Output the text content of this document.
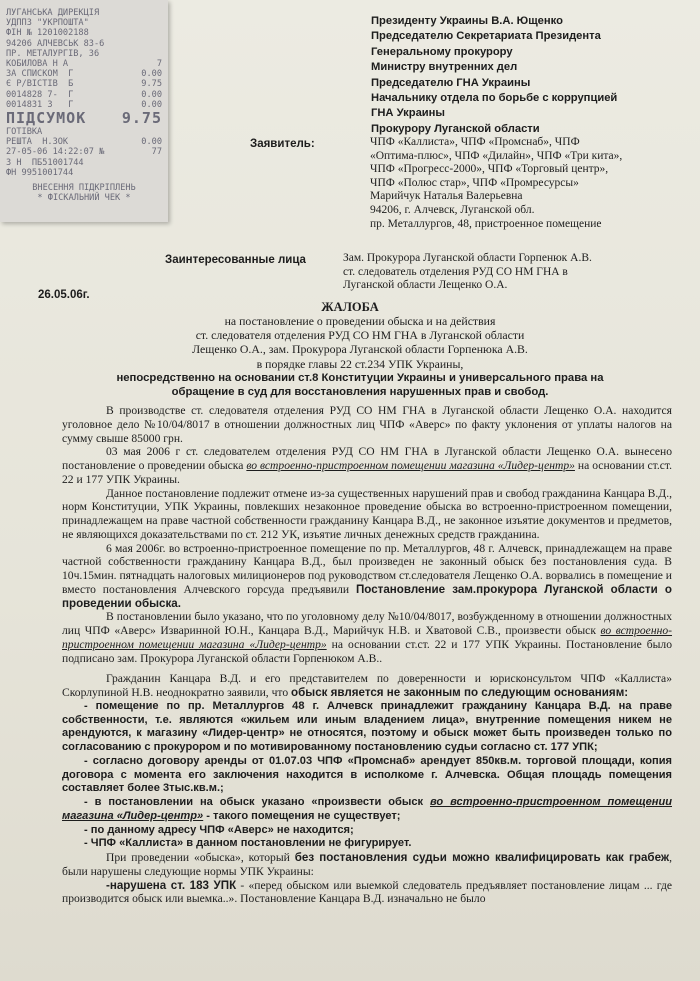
ЛУГАНСЬКА ДИРЕКЦІЯ
УДППЗ "УКРПОШТА"
ФІН № 1201002188
94206 АЛЧЕВСЬК 83-6
ПР. МЕТАЛУРГІВ, 36
КОБИЛОВА Н А	7
ЗА СПИСКОМ  Г	0.00
Є Р/ВІСТІВ  Б	9.75
0014828 7-  Г	0.00
0014831 3   Г	0.00
ПІДСУМОК 9.75
ГОТІВКА
РЕШТА  Н.ЗОК	0.00
27-05-06 14:22:07 №	77
3 Н  ПБ51001744
ФН 9951001744
ВНЕСЕННЯ ПІДКРІПЛЕНЬ
* ФІСКАЛЬНИЙ ЧЕК *
Президенту Украины В.А. Ющенко
Председателю Секретариата Президента
Генеральному прокурору
Министру внутренних дел
Председателю ГНА Украины
Начальнику отдела по борьбе с коррупцией
ГНА Украины
Прокурору Луганской области
Заявитель:	ЧПФ «Каллиста», ЧПФ «Промснаб», ЧПФ
«Оптима-плюс», ЧПФ «Дилайн», ЧПФ «Три кита»,
ЧПФ «Прогресс-2000», ЧПФ «Торговый центр»,
ЧПФ «Полюс стар», ЧПФ «Промресурсы»
Марийчук Наталья Валерьевна
94206, г. Алчевск, Луганской обл.
пр. Металлургов, 48, пристроенное помещение
Заинтересованные лица	Зам. Прокурора Луганской области Горпенюк А.В.
ст. следователь отделения РУД СО НМ ГНА в
Луганской области Лещенко О.А.
26.05.06г.
ЖАЛОБА
на постановление о проведении обыска и на действия
ст. следователя отделения РУД СО НМ ГНА в Луганской области
Лещенко О.А., зам. Прокурора Луганской области Горпенюка А.В.
в порядке главы 22 ст.234 УПК Украины,
непосредственно на основании ст.8 Конституции Украины и универсального права на
обращение в суд для восстановления нарушенных прав и свобод.

В производстве ст. следователя отделения РУД СО НМ ГНА в Луганской области Лещенко О.А. находится уголовное дело №10/04/8017 в отношении должностных лиц ЧПФ «Аверс» по факту уклонения от уплаты налогов на сумму свыше 85000 грн.

03 мая 2006 г ст. следователем отделения РУД СО НМ ГНА в Луганской области Лещенко О.А. вынесено постановление о проведении обыска во встроенно-пристроенном помещении магазина «Лидер-центр» на основании ст.ст. 22 и 177 УПК Украины.

Данное постановление подлежит отмене из-за существенных нарушений прав и свобод гражданина Канцара В.Д., норм Конституции, УПК Украины, повлекших незаконное проведение обыска во встроенно-пристроенном помещении, принадлежащем на праве частной собственности гражданину Канцара В.Д., не законное изъятие документов и предметов, не являющихся доказательствами по ст. 212 УК, изъятие личных денежных средств гражданина.

6 мая 2006г. во встроенно-пристроенное помещение по пр. Металлургов, 48 г. Алчевск, принадлежащем на праве частной собственности гражданину Канцара В.Д., был произведен не законный обыск без постановления суда. В 10ч.15мин. пятнадцать налоговых милиционеров под руководством ст.следователя Лещенко О.А. ворвались в помещение и вместо постановления Алчевского горсуда предъявили Постановление зам.прокурора Луганской области о проведении обыска.

В постановлении было указано, что по уголовному делу №10/04/8017, возбужденному в отношении должностных лиц ЧПФ «Аверс» Изваринной Ю.Н., Канцара В.Д., Марийчук Н.В. и Хватовой С.В., произвести обыск во встроенно-пристроенном помещении магазина «Лидер-центр» на основании ст.ст. 22 и 177 УПК Украины. Постановление было подписано зам. Прокурора Луганской области Горпенюком А.В..

Гражданин Канцара В.Д. и его представителем по доверенности и юрисконсультом ЧПФ «Каллиста» Скорлупиной Н.В. неоднократно заявили, что обыск является не законным по следующим основаниям:

- помещение по пр. Металлургов 48 г. Алчевск принадлежит гражданину Канцара В.Д. на праве собственности, т.е. являются «жильем или иным владением лица», внутренние помещения никем не арендуются, к магазину «Лидер-центр» не относятся, поэтому и обыск может быть произведен только по согласованию с прокурором и по мотивированному постановлению судьи согласно ст. 177 УПК;

- согласно договору аренды от 01.07.03 ЧПФ «Промснаб» арендует 850кв.м. торговой площади, копия договора с момента его заключения находится в исполкоме г. Алчевска. Общая площадь помещения составляет более 3тыс.кв.м.;

- в постановлении на обыск указано «произвести обыск во встроенно-пристроенном помещении магазина «Лидер-центр» - такого помещения не существует;

- по данному адресу ЧПФ «Аверс» не находится;

- ЧПФ «Каллиста» в данном постановлении не фигурирует.

При проведении «обыска», который без постановления судьи можно квалифицировать как грабеж, были нарушены следующие нормы УПК Украины:

-нарушена ст. 183 УПК - «перед обыском или выемкой следователь предъявляет постановление лицам ... где производится обыск или выемка..». Постановление Канцара В.Д. изначально не было
